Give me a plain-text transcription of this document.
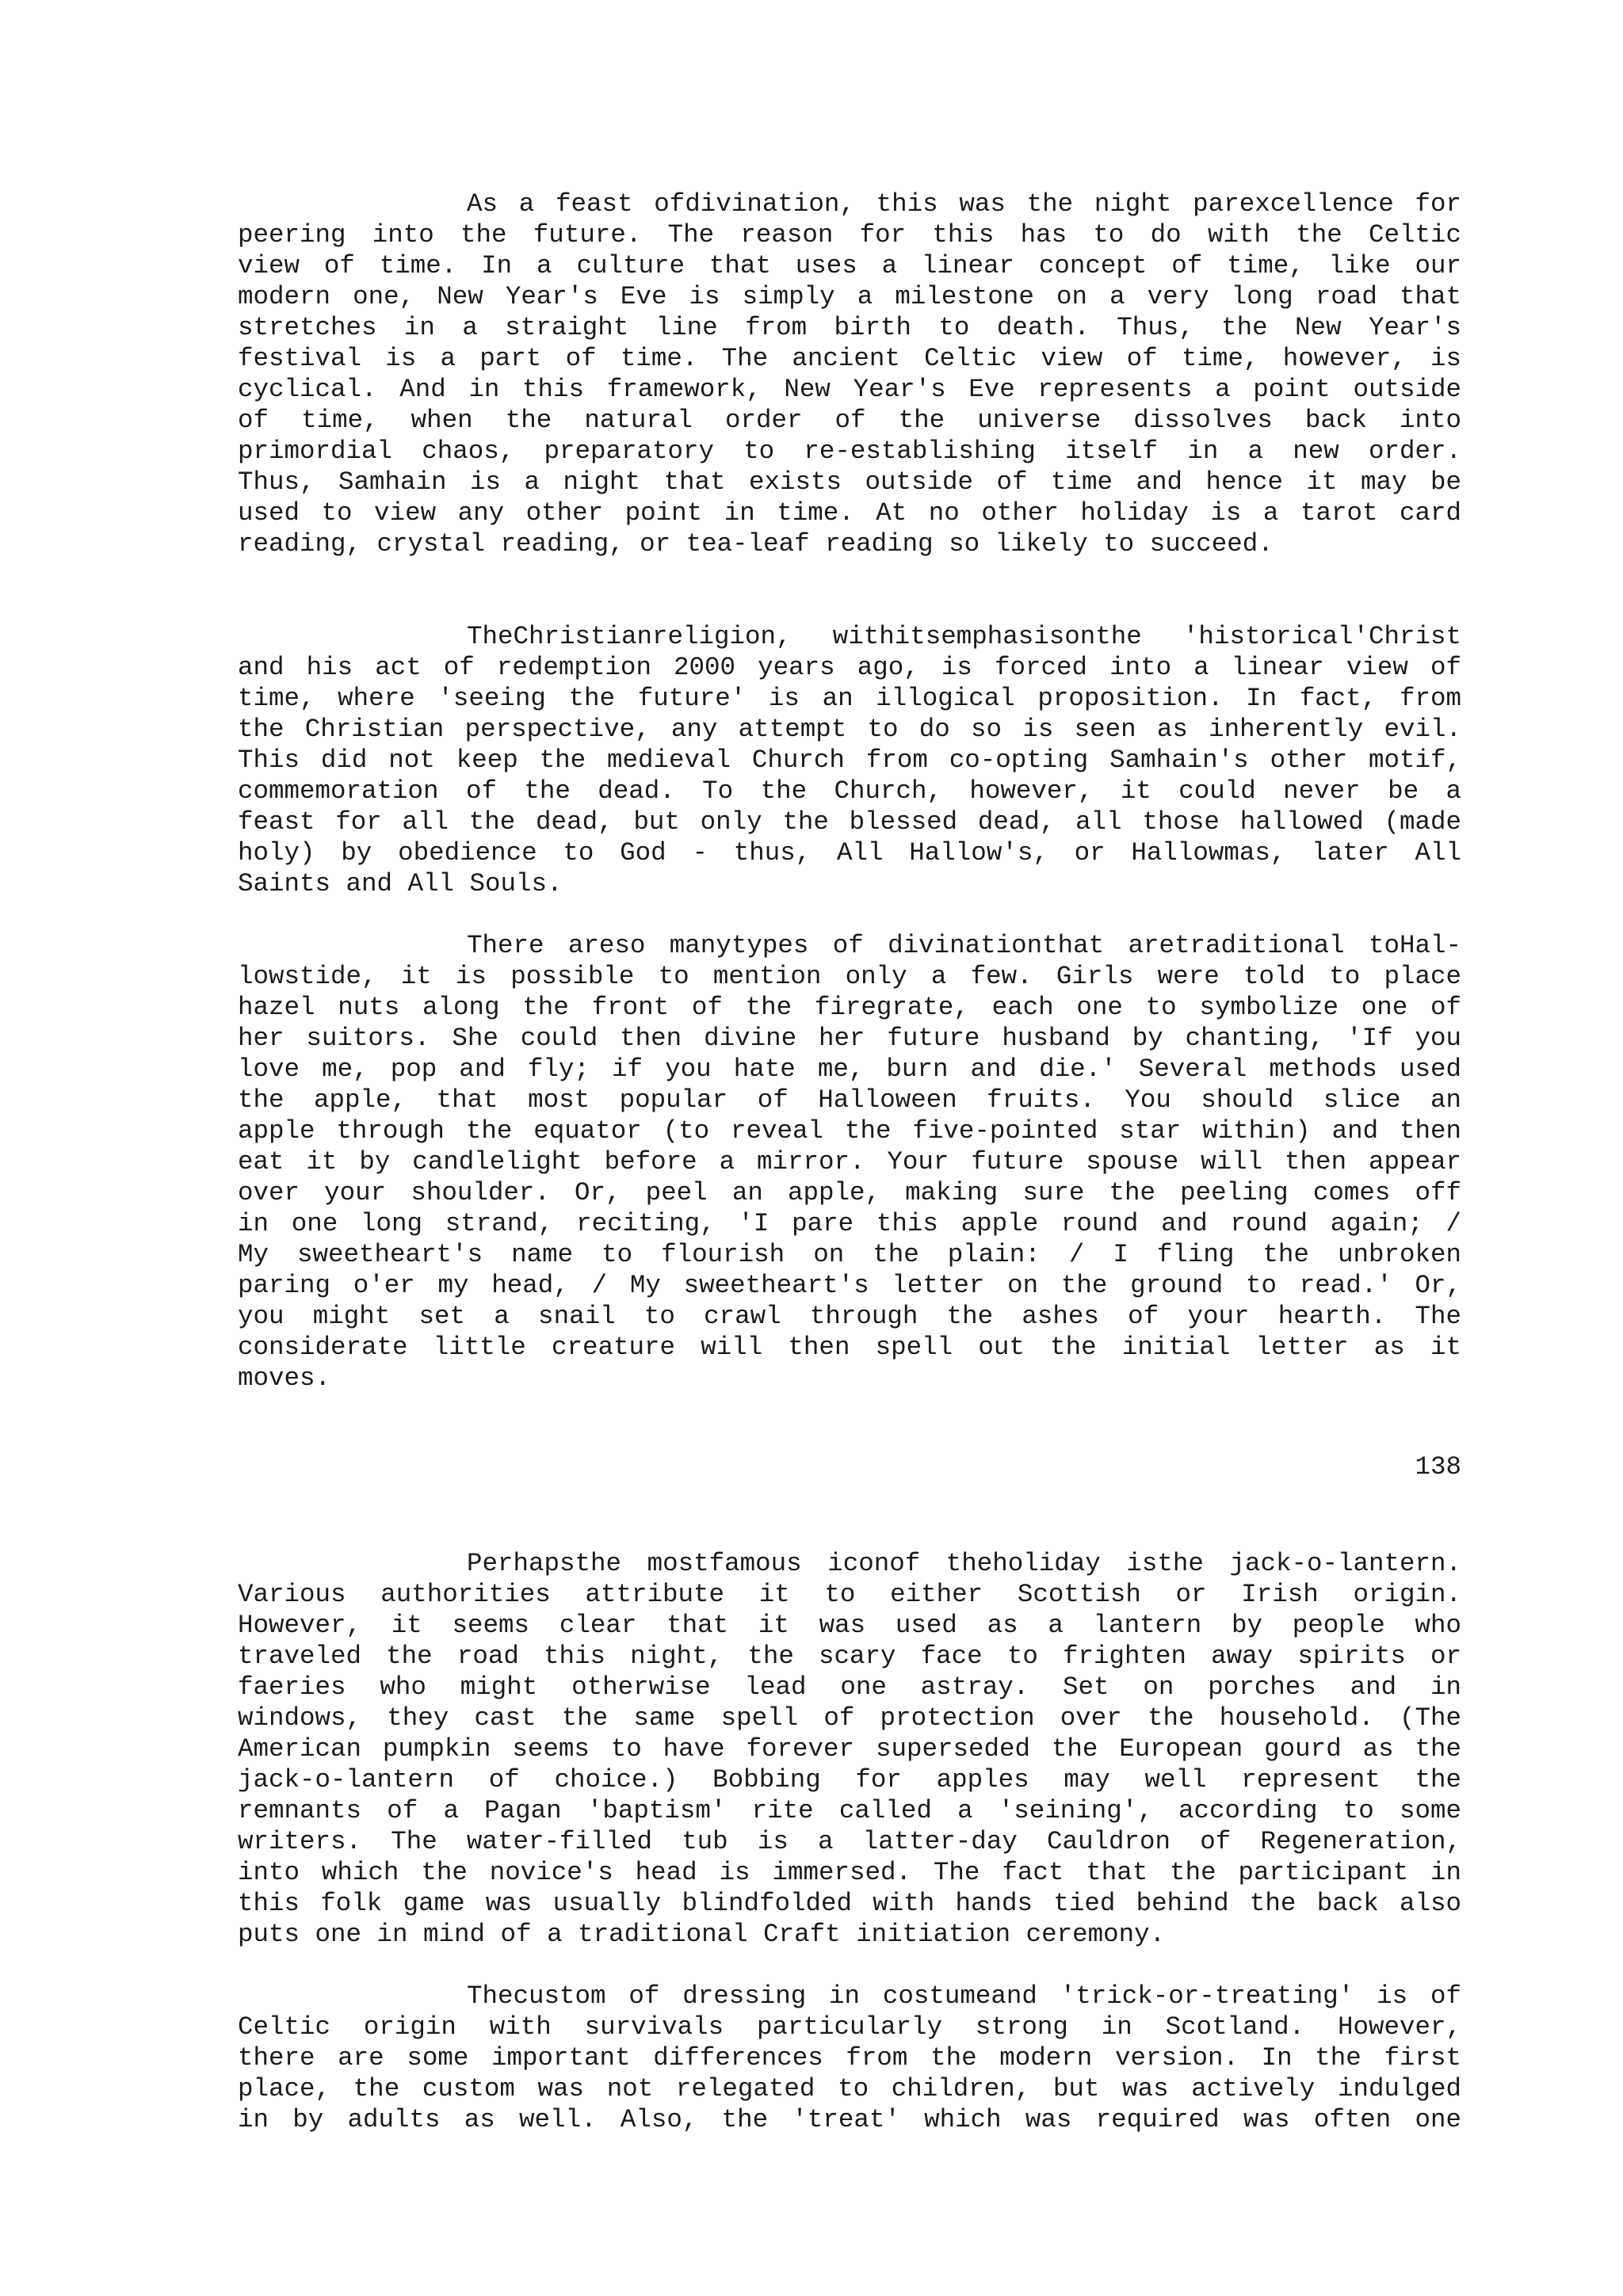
As a feast ofdivination, this was the night parexcellence for
peering into the future. The reason for this has to do with the Celtic
view of time. In a culture that uses a linear concept of time, like our
modern one, New Year's Eve is simply a milestone on a very long road that
stretches in a straight line from birth to death. Thus, the New Year's
festival is a part of time. The ancient Celtic view of time, however, is
cyclical. And in this framework, New Year's Eve represents a point outside
of time, when the natural order of the universe dissolves back into
primordial chaos, preparatory to re-establishing itself in a new order.
Thus, Samhain is a night that exists outside of time and hence it may be
used to view any other point in time. At no other holiday is a tarot card
reading, crystal reading, or tea-leaf reading so likely to succeed.

TheChristianreligion, withitsemphasisonthe 'historical'Christ
and his act of redemption 2000 years ago, is forced into a linear view of
time, where 'seeing the future' is an illogical proposition. In fact, from
the Christian perspective, any attempt to do so is seen as inherently evil.
This did not keep the medieval Church from co-opting Samhain's other motif,
commemoration of the dead. To the Church, however, it could never be a
feast for all the dead, but only the blessed dead, all those hallowed (made
holy) by obedience to God - thus, All Hallow's, or Hallowmas, later All
Saints and All Souls.

There areso manytypes of divinationthat aretraditional toHal-
lowstide, it is possible to mention only a few. Girls were told to place
hazel nuts along the front of the firegrate, each one to symbolize one of
her suitors. She could then divine her future husband by chanting, 'If you
love me, pop and fly; if you hate me, burn and die.' Several methods used
the apple, that most popular of Halloween fruits. You should slice an
apple through the equator (to reveal the five-pointed star within) and then
eat it by candlelight before a mirror. Your future spouse will then appear
over your shoulder. Or, peel an apple, making sure the peeling comes off
in one long strand, reciting, 'I pare this apple round and round again; /
My sweetheart's name to flourish on the plain: / I fling the unbroken
paring o'er my head, / My sweetheart's letter on the ground to read.' Or,
you might set a snail to crawl through the ashes of your hearth. The
considerate little creature will then spell out the initial letter as it
moves.

138

Perhapsthe mostfamous iconof theholiday isthe jack-o-lantern.
Various authorities attribute it to either Scottish or Irish origin.
However, it seems clear that it was used as a lantern by people who
traveled the road this night, the scary face to frighten away spirits or
faeries who might otherwise lead one astray. Set on porches and in
windows, they cast the same spell of protection over the household. (The
American pumpkin seems to have forever superseded the European gourd as the
jack-o-lantern of choice.) Bobbing for apples may well represent the
remnants of a Pagan 'baptism' rite called a 'seining', according to some
writers. The water-filled tub is a latter-day Cauldron of Regeneration,
into which the novice's head is immersed. The fact that the participant in
this folk game was usually blindfolded with hands tied behind the back also
puts one in mind of a traditional Craft initiation ceremony.

Thecustom of dressing in costumeand 'trick-or-treating' is of
Celtic origin with survivals particularly strong in Scotland. However,
there are some important differences from the modern version. In the first
place, the custom was not relegated to children, but was actively indulged
in by adults as well. Also, the 'treat' which was required was often one
